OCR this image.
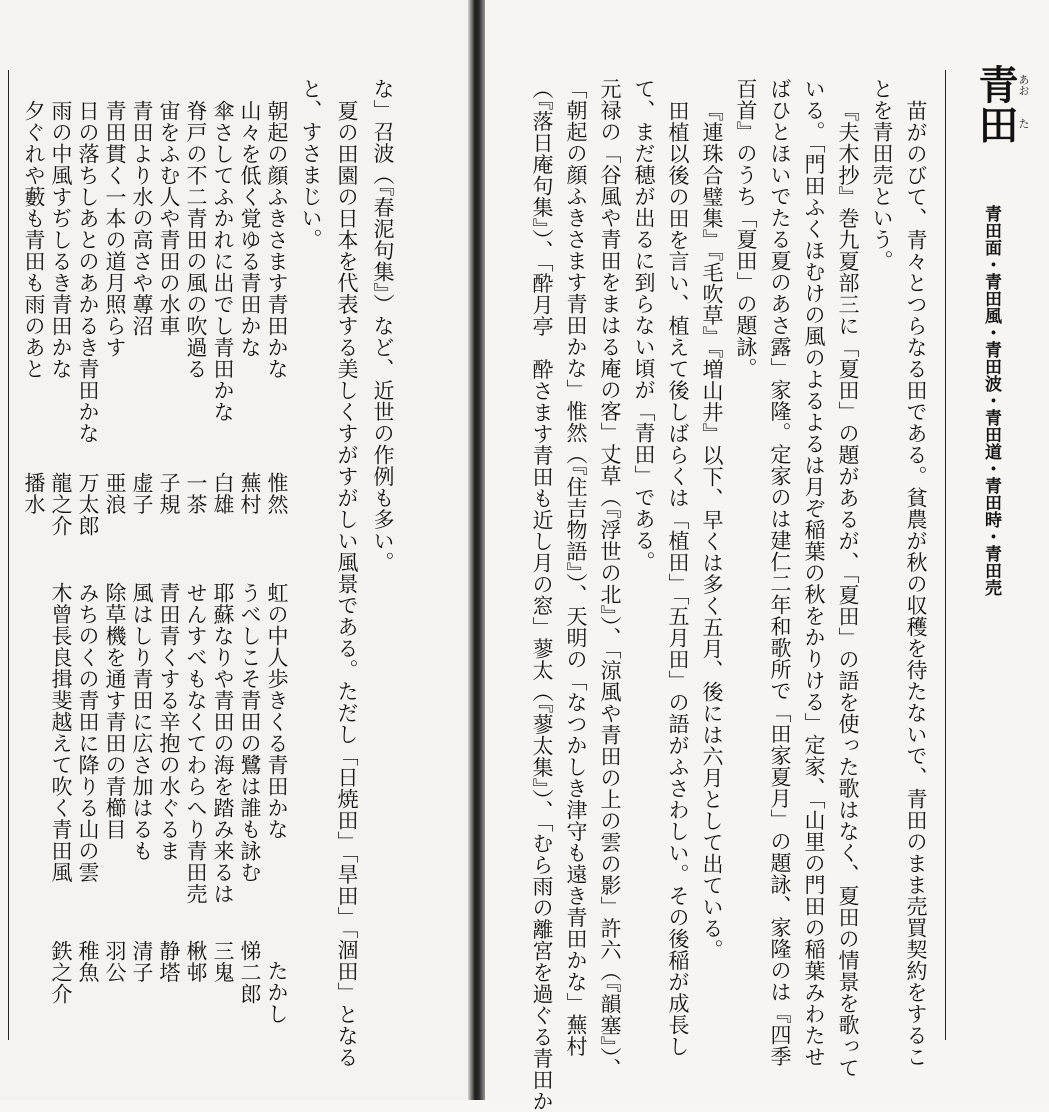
な」召波（『春泥句集』）など、近世の作例も多い。
夏の田園の日本を代表する美しくすがすがしい風景である。ただし「日焼田」「旱田」「涸田」となる
と、すさまじい。
朝起の顔ふきさます青田かな
惟然
山々を低く覚ゆる青田かな
蕪村
傘さしてふかれに出でし青田かな
白雄
脊戸の不二青田の風の吹過る
一茶
宙をふむ人や青田の水車
子規
青田より水の高さや蓴沼
虚子
青田貫く一本の道月照らす
亜浪
日の落ちしあとのあかるき青田かな
万太郎
雨の中風すぢしるき青田かな
龍之介
夕ぐれや藪も青田も雨のあと
虹の中人歩きくる青田かな
たかし
うべしこそ青田の鷺は誰も詠む
悌二郎
耶蘇なりや青田の海を踏み来るは
三鬼
せんすべもなくてわらへり青田売
楸邨
青田青くする辛抱の水ぐるま
静塔
風はしり青田に広さ加はるも
清子
除草機を通す青田の青櫛目
羽公
みちのくの青田に降りる山の雲
稚魚
木曾長良揖斐越えて吹く青田風
鉄之介
播水
青田 あお
た
青田面・青田風・青田波・青田道・青田時・青田売
苗がのびて、青々とつらなる田である。貧農が秋の収穫を待たないで、青田のまま売買契約をするこ
とを青田売という。
『夫木抄』巻九夏部三に「夏田」の題があるが、「夏田」の語を使った歌はなく、夏田の情景を歌って
いる。「門田ふくほむけの風のよるよるは月ぞ稲葉の秋をかりける」定家、「山里の門田の稲葉みわたせ
ばひとほいでたる夏のあさ露」家隆。定家のは建仁二年和歌所で「田家夏月」の題詠、家隆のは『四季
百首』のうち「夏田」の題詠。
『連珠合璧集』『毛吹草』『増山井』以下、早くは多く五月、後には六月として出ている。
田植以後の田を言い、植えて後しばらくは「植田」「五月田」の語がふさわしい。その後稲が成長し
て、まだ穂が出るに到らない頃が「青田」である。
元禄の「谷風や青田をまはる庵の客」丈草（『浮世の北』）、「涼風や青田の上の雲の影」許六（『韻塞』）、
「朝起の顔ふきさます青田かな」惟然（『住吉物語』）、天明の「なつかしき津守も遠き青田かな」蕪村
（『落日庵句集』）、「酔月亭　酔さます青田も近し月の窓」蓼太（『蓼太集』）、「むら雨の離宮を過ぐる青田か
